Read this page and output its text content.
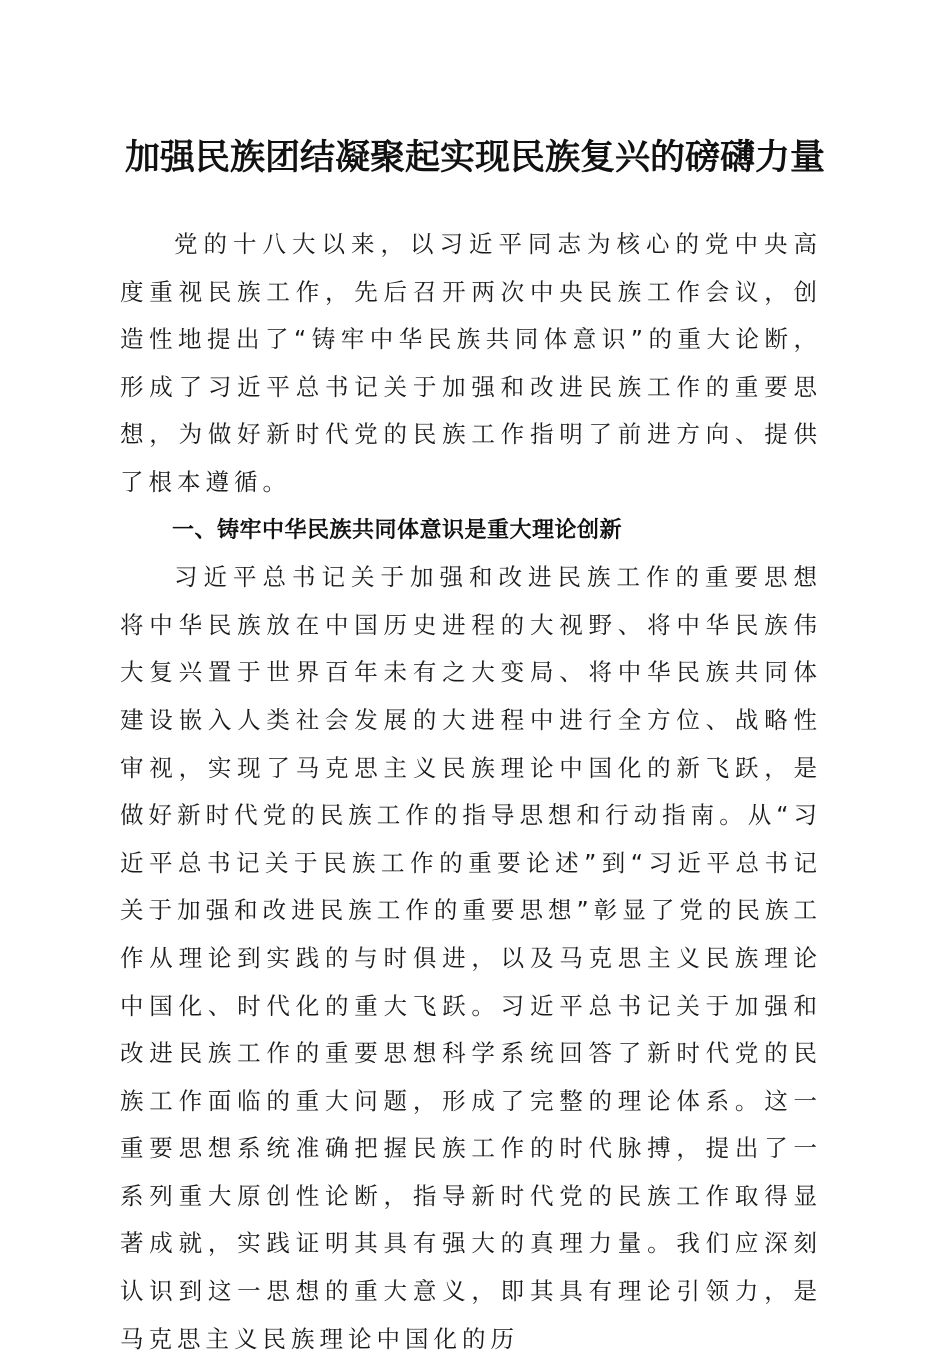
加强民族团结凝聚起实现民族复兴的磅礴力量

党的十八大以来，以习近平同志为核心的党中央高度重视民族工作，先后召开两次中央民族工作会议，创造性地提出了“铸牢中华民族共同体意识”的重大论断，形成了习近平总书记关于加强和改进民族工作的重要思想，为做好新时代党的民族工作指明了前进方向、提供了根本遵循。

一、铸牢中华民族共同体意识是重大理论创新

习近平总书记关于加强和改进民族工作的重要思想将中华民族放在中国历史进程的大视野、将中华民族伟大复兴置于世界百年未有之大变局、将中华民族共同体建设嵌入人类社会发展的大进程中进行全方位、战略性审视，实现了马克思主义民族理论中国化的新飞跃，是做好新时代党的民族工作的指导思想和行动指南。从“习近平总书记关于民族工作的重要论述”到“习近平总书记关于加强和改进民族工作的重要思想”彰显了党的民族工作从理论到实践的与时俱进，以及马克思主义民族理论中国化、时代化的重大飞跃。习近平总书记关于加强和改进民族工作的重要思想科学系统回答了新时代党的民族工作面临的重大问题，形成了完整的理论体系。这一重要思想系统准确把握民族工作的时代脉搏，提出了一系列重大原创性论断，指导新时代党的民族工作取得显著成就，实践证明其具有强大的真理力量。我们应深刻认识到这一思想的重大意义，即其具有理论引领力，是马克思主义民族理论中国化的历
